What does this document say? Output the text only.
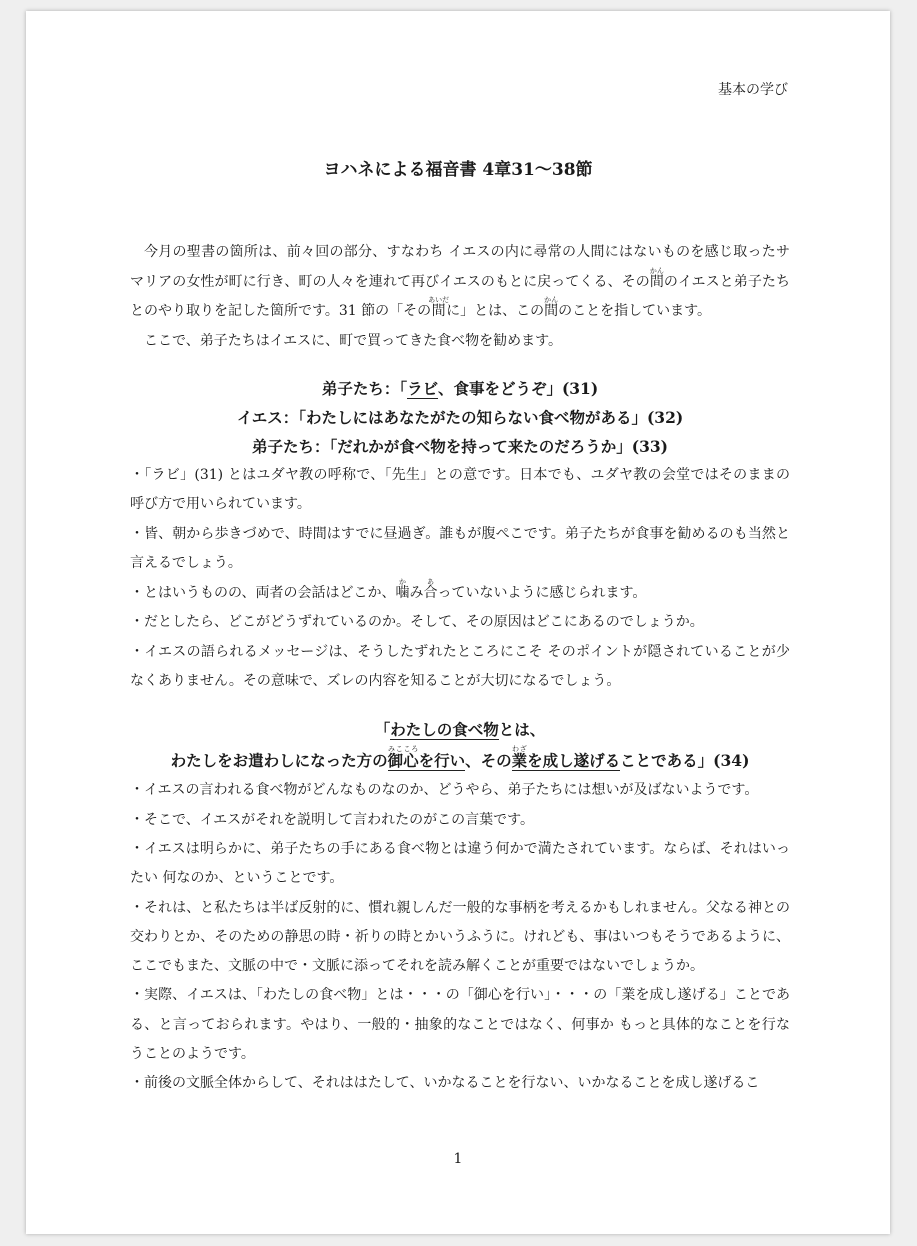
基本の学び
ヨハネによる福音書 4章31〜38節
今月の聖書の箇所は、前々回の部分、すなわち イエスの内に尋常の人間にはないものを感じ取ったサマリアの女性が町に行き、町の人々を連れて再びイエスのもとに戻ってくる、その間かんのイエスと弟子たちとのやり取りを記した箇所です。31 節の「その間あいだに」とは、この間かんのことを指しています。
ここで、弟子たちはイエスに、町で買ってきた食べ物を勧めます。
弟子たち：「ラビ、食事をどうぞ」(31)
イエス：「わたしにはあなたがたの知らない食べ物がある」(32)
弟子たち：「だれかが食べ物を持って来たのだろうか」(33)
・「ラビ」(31) とはユダヤ教の呼称で、「先生」との意です。日本でも、ユダヤ教の会堂ではそのままの呼び方で用いられています。
・皆、朝から歩きづめで、時間はすでに昼過ぎ。誰もが腹ぺこです。弟子たちが食事を勧めるのも当然と言えるでしょう。
・とはいうものの、両者の会話はどこか、噛かみ合あっていないように感じられます。
・だとしたら、どこがどうずれているのか。そして、その原因はどこにあるのでしょうか。
・イエスの語られるメッセージは、そうしたずれたところにこそ そのポイントが隠されていることが少なくありません。その意味で、ズレの内容を知ることが大切になるでしょう。
「わたしの食べ物とは、
わたしをお遣わしになった方の御心みこころを行い、その業わざを成し遂げることである」(34)
・イエスの言われる食べ物がどんなものなのか、どうやら、弟子たちには想いが及ばないようです。
・そこで、イエスがそれを説明して言われたのがこの言葉です。
・イエスは明らかに、弟子たちの手にある食べ物とは違う何かで満たされています。ならば、それはいったい 何なのか、ということです。
・それは、と私たちは半ば反射的に、慣れ親しんだ一般的な事柄を考えるかもしれません。父なる神との交わりとか、そのための静思の時・祈りの時とかいうふうに。けれども、事はいつもそうであるように、ここでもまた、文脈の中で・文脈に添ってそれを読み解くことが重要ではないでしょうか。
・実際、イエスは、「わたしの食べ物」とは・・・の「御心を行い」・・・の「業を成し遂げる」ことである、と言っておられます。やはり、一般的・抽象的なことではなく、何事か もっと具体的なことを行なうことのようです。
・前後の文脈全体からして、それははたして、いかなることを行ない、いかなることを成し遂げるこ
1
